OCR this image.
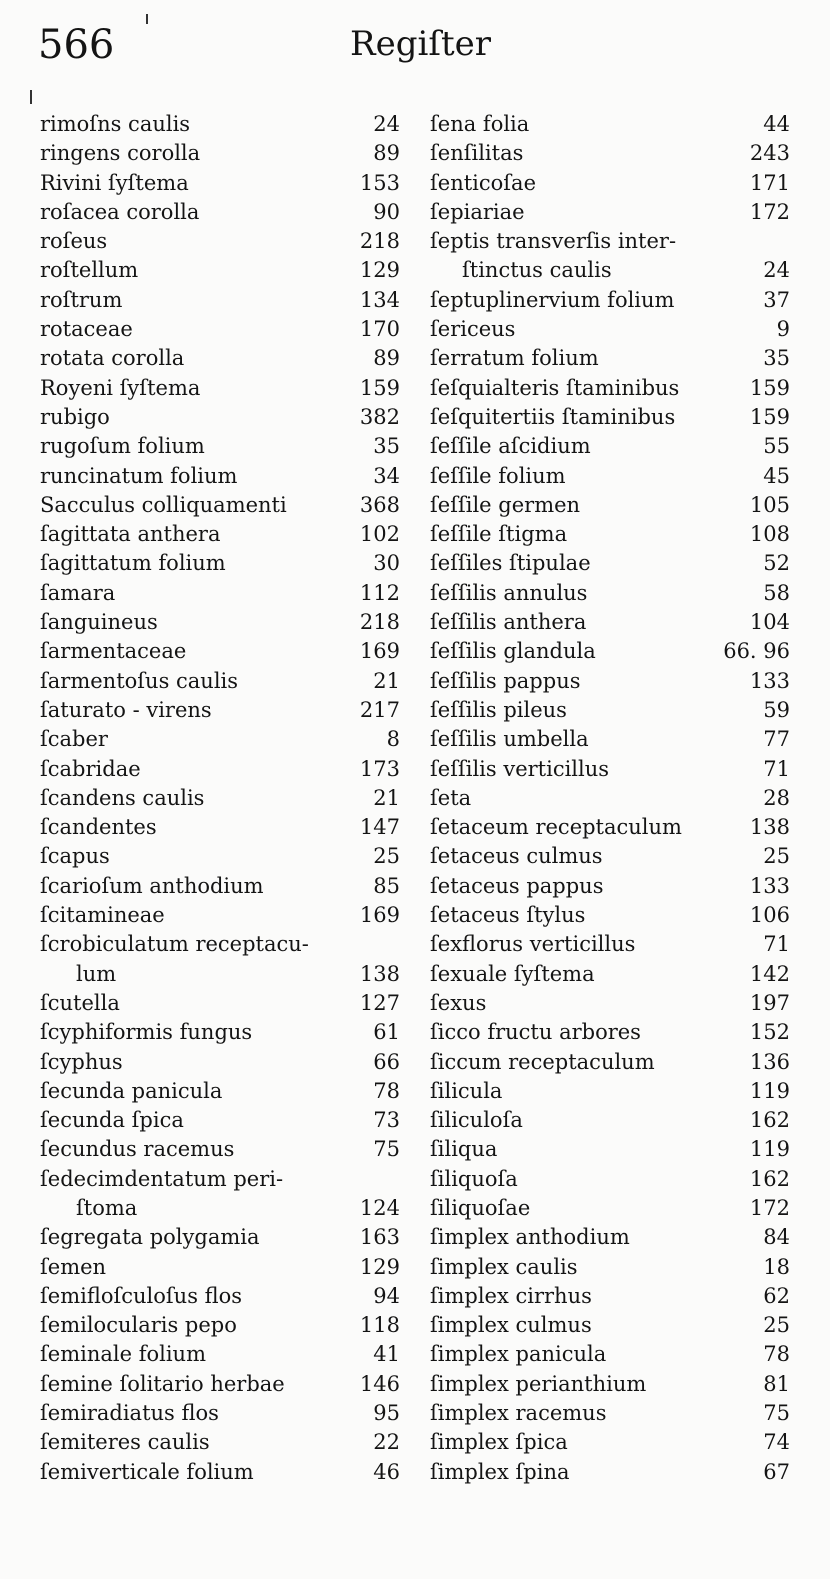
566	Regiſter
rimoſns caulis	24
ringens corolla	89
Rivini ſyſtema	153
roſacea corolla	90
roſeus	218
roſtellum	129
roſtrum	134
rotaceae	170
rotata corolla	89
Royeni ſyſtema	159
rubigo	382
rugoſum folium	35
runcinatum folium	34
Sacculus colliquamenti	368
ſagittata anthera	102
ſagittatum folium	30
ſamara	112
ſanguineus	218
ſarmentaceae	169
ſarmentoſus caulis	21
ſaturato - virens	217
ſcaber	8
ſcabridae	173
ſcandens caulis	21
ſcandentes	147
ſcapus	25
ſcarioſum anthodium	85
ſcitamineae	169
ſcrobiculatum receptacu-
lum	138
ſcutella	127
ſcyphiformis fungus	61
ſcyphus	66
ſecunda panicula	78
ſecunda ſpica	73
ſecundus racemus	75
ſedecimdentatum peri-
ſtoma	124
ſegregata polygamia	163
ſemen	129
ſemifloſculoſus flos	94
ſemilocularis pepo	118
ſeminale folium	41
ſemine ſolitario herbae	146
ſemiradiatus flos	95
ſemiteres caulis	22
ſemiverticale folium	46
ſena folia	44
ſenſilitas	243
ſenticoſae	171
ſepiariae	172
ſeptis transverſis inter-
ſtinctus caulis	24
ſeptuplinervium folium	37
ſericeus	9
ſerratum folium	35
ſeſquialteris ſtaminibus	159
ſeſquitertiis ſtaminibus	159
ſeſſile aſcidium	55
ſeſſile folium	45
ſeſſile germen	105
ſeſſile ſtigma	108
ſeſſiles ſtipulae	52
ſeſſilis annulus	58
ſeſſilis anthera	104
ſeſſilis glandula	66. 96
ſeſſilis pappus	133
ſeſſilis pileus	59
ſeſſilis umbella	77
ſeſſilis verticillus	71
ſeta	28
ſetaceum receptaculum	138
ſetaceus culmus	25
ſetaceus pappus	133
ſetaceus ſtylus	106
ſexflorus verticillus	71
ſexuale ſyſtema	142
ſexus	197
ſicco fructu arbores	152
ſiccum receptaculum	136
ſilicula	119
ſiliculoſa	162
ſiliqua	119
ſiliquoſa	162
ſiliquoſae	172
ſimplex anthodium	84
ſimplex caulis	18
ſimplex cirrhus	62
ſimplex culmus	25
ſimplex panicula	78
ſimplex perianthium	81
ſimplex racemus	75
ſimplex ſpica	74
ſimplex ſpina	67
